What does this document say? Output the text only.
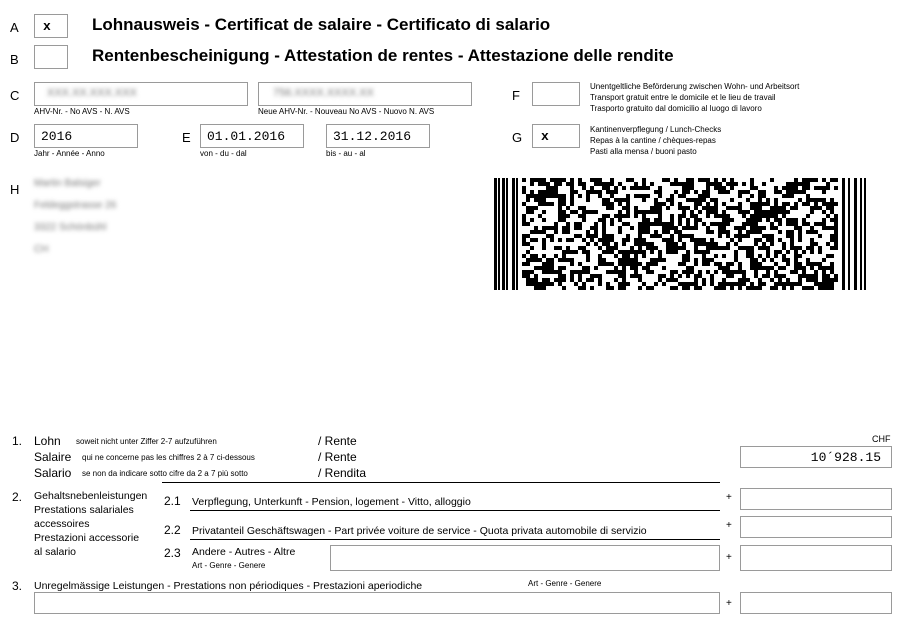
A	x	Lohnausweis - Certificat de salaire - Certificato di salario
B	Rentenbescheinigung - Attestation de rentes - Attestazione delle rendite
C	XXX.XX.XXX.XXX
AHV-Nr. - No AVS - N. AVS
756.XXXX.XXXX.XX
Neue AHV-Nr. - Nouveau No AVS - Nuovo N. AVS
F
Unentgeltliche Beförderung zwischen Wohn- und Arbeitsort
Transport gratuit entre le domicile et le lieu de travail
Trasporto gratuito dal domicilio al luogo di lavoro
D 2016
Jahr - Année - Anno
E 01.01.2016
von - du - dal
31.12.2016
bis - au - al
G	x	Kantinenverpflegung / Lunch-Checks
Repas à la cantine / chèques-repas
Pasti alla mensa / buoni pasto
H Martin Balsiger
Feldeggstrasse 26
3322 Schönbühl
CH
1. Lohn soweit nicht unter Ziffer 2-7 aufzuführen	/ Rente
Salaire qui ne concerne pas les chiffres 2 à 7 ci-dessous	/ Rente
Salario se non da indicare sotto cifre da 2 a 7 più sotto	/ Rendita
CHF
10´928.15
2. Gehaltsnebenleistungen
Prestations salariales
accessoires
Prestazioni accessorie
al salario
2.1 Verpflegung, Unterkunft - Pension, logement - Vitto, alloggio	+
2.2 Privatanteil Geschäftswagen - Part privée voiture de service - Quota privata automobile di servizio	+
2.3 Andere - Autres - Altre
Art - Genre - Genere
+
3. Unregelmässige Leistungen - Prestations non périodiques - Prestazioni aperiodiche	Art - Genre - Genere
+
